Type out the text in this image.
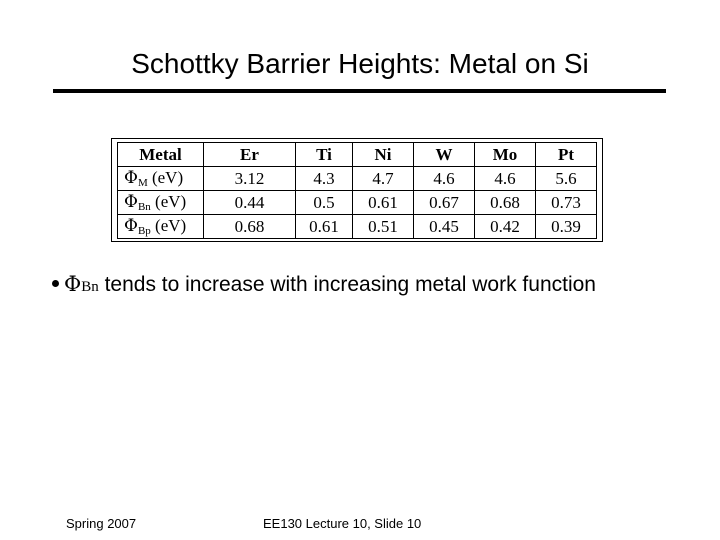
Schottky Barrier Heights: Metal on Si
Metal	Er	Ti	Ni	W	Mo	Pt
$\Phi_M$ (eV)	3.12	4.3	4.7	4.6	4.6	5.6
$\Phi_{Bn}$ (eV)	0.44	0.5	0.61	0.67	0.68	0.73
$\Phi_{Bp}$ (eV)	0.68	0.61	0.51	0.45	0.42	0.39
ΦBn tends to increase with increasing metal work function
Spring 2007	EE130 Lecture 10, Slide 10
